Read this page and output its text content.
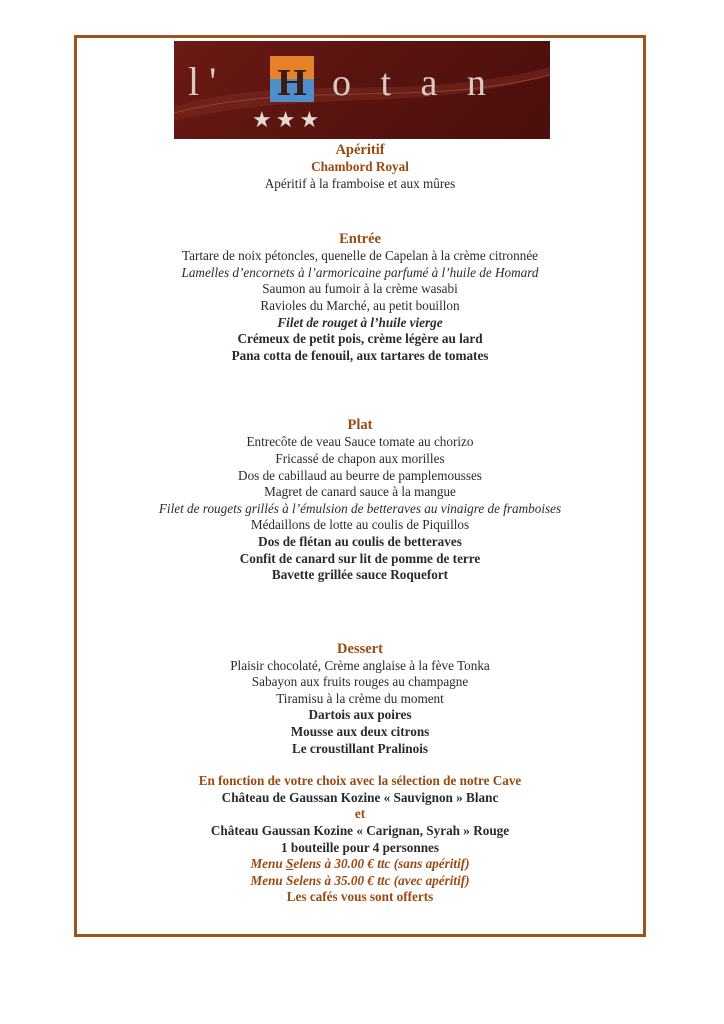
l' H o t a n
★★★
Apéritif
Chambord Royal
Apéritif à la framboise et aux mûres
Entrée
Tartare de noix pétoncles, quenelle de Capelan à la crème citronnée
Lamelles d’encornets à l’armoricaine parfumé à l’huile de Homard
Saumon au fumoir à la crème wasabi
Ravioles du Marché, au petit bouillon
Filet de rouget à l’huile vierge
Crémeux de petit pois, crème légère au lard
Pana cotta de fenouil, aux tartares de tomates
Plat
Entrecôte de veau Sauce tomate au chorizo
Fricassé de chapon aux morilles
Dos de cabillaud au beurre de pamplemousses
Magret de canard sauce à la mangue
Filet de rougets grillés à l’émulsion de betteraves au vinaigre de framboises
Médaillons de lotte au coulis de Piquillos
Dos de flétan au coulis de betteraves
Confit de canard sur lit de pomme de terre
Bavette grillée sauce Roquefort
Dessert
Plaisir chocolaté, Crème anglaise à la fève Tonka
Sabayon aux fruits rouges au champagne
Tiramisu à la crème du moment
Dartois aux poires
Mousse aux deux citrons
Le croustillant Pralinois
En fonction de votre choix avec la sélection de notre Cave
Château de Gaussan Kozine « Sauvignon » Blanc
et
Château Gaussan Kozine « Carignan, Syrah » Rouge
1 bouteille pour 4 personnes
Menu Selens à 30.00 € ttc (sans apéritif)
Menu Selens à 35.00 € ttc (avec apéritif)
Les cafés vous sont offerts
